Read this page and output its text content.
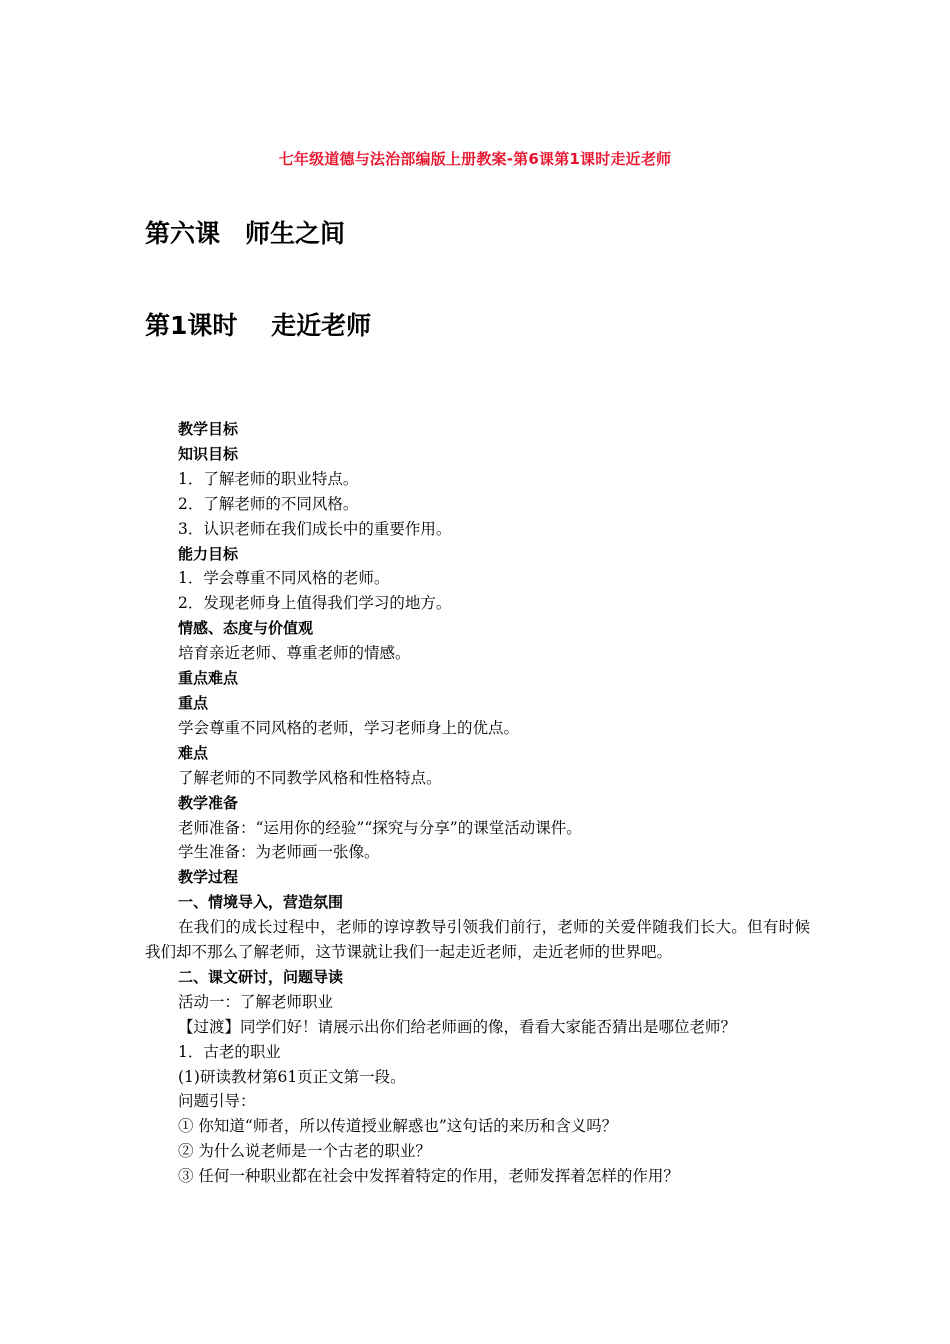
七年级道德与法治部编版上册教案-第6课第1课时走近老师
第六课　师生之间
第1课时　 走近老师
教学目标
知识目标
1．了解老师的职业特点。
2．了解老师的不同风格。
3．认识老师在我们成长中的重要作用。
能力目标
1．学会尊重不同风格的老师。
2．发现老师身上值得我们学习的地方。
情感、态度与价值观
培育亲近老师、尊重老师的情感。
重点难点
重点
学会尊重不同风格的老师，学习老师身上的优点。
难点
了解老师的不同教学风格和性格特点。
教学准备
老师准备：“运用你的经验”“探究与分享”的课堂活动课件。
学生准备：为老师画一张像。
教学过程
一、情境导入，营造氛围
在我们的成长过程中，老师的谆谆教导引领我们前行，老师的关爱伴随我们长大。但有时候我们却不那么了解老师，这节课就让我们一起走近老师，走近老师的世界吧。
二、课文研讨，问题导读
活动一：了解老师职业
【过渡】同学们好！请展示出你们给老师画的像，看看大家能否猜出是哪位老师？
1．古老的职业
(1)研读教材第61页正文第一段。
问题引导：
① 你知道“师者，所以传道授业解惑也”这句话的来历和含义吗？
② 为什么说老师是一个古老的职业？
③ 任何一种职业都在社会中发挥着特定的作用，老师发挥着怎样的作用？
